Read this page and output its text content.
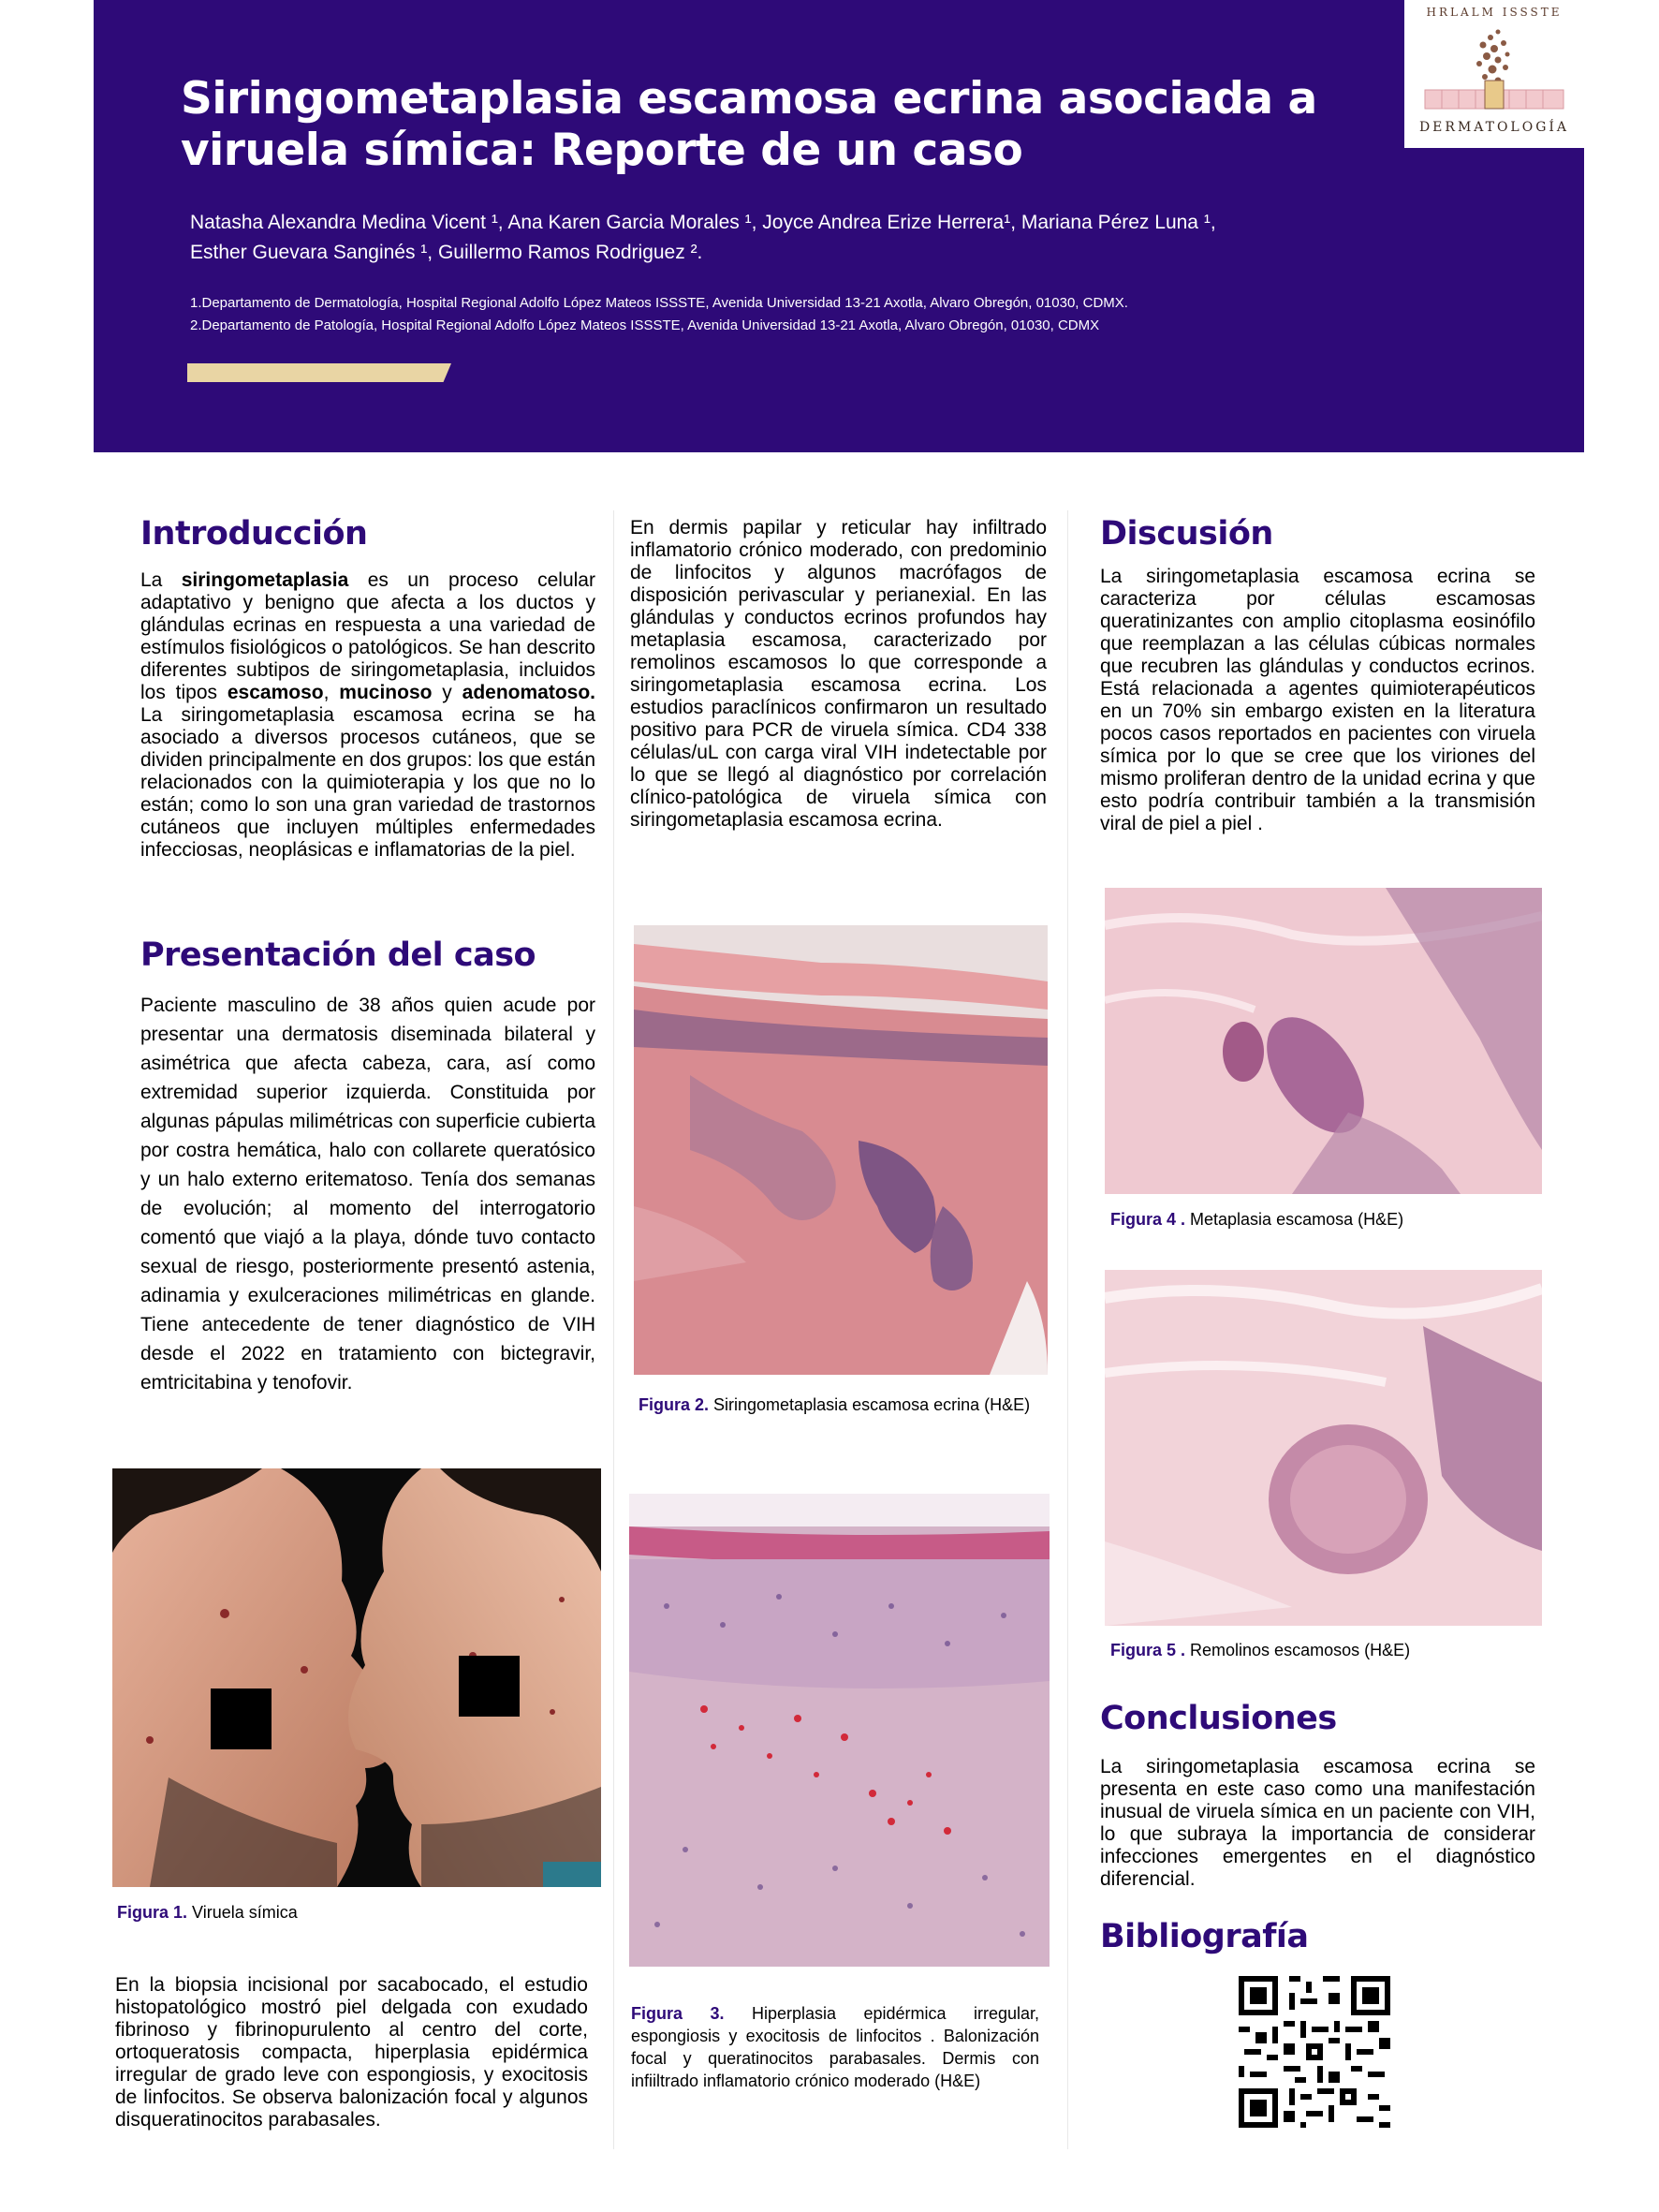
Siringometaplasia escamosa ecrina asociada a viruela símica: Reporte de un caso
Natasha Alexandra Medina Vicent ¹, Ana Karen Garcia Morales ¹, Joyce Andrea Erize Herrera¹, Mariana Pérez Luna ¹,
Esther Guevara Sanginés ¹, Guillermo Ramos Rodriguez ².
1.Departamento de Dermatología, Hospital Regional Adolfo López Mateos ISSSTE, Avenida Universidad 13-21 Axotla, Alvaro Obregón, 01030, CDMX.
2.Departamento de Patología, Hospital Regional Adolfo López Mateos ISSSTE, Avenida Universidad 13-21 Axotla, Alvaro Obregón, 01030, CDMX
HRLALM ISSSTE
DERMATOLOGÍA
Introducción

La siringometaplasia es un proceso celular adaptativo y benigno que afecta a los ductos y glándulas ecrinas en respuesta a una variedad de estímulos fisiológicos o patológicos. Se han descrito diferentes subtipos de siringometaplasia, incluidos los tipos escamoso, mucinoso y adenomatoso. La siringometaplasia escamosa ecrina se ha asociado a diversos procesos cutáneos, que se dividen principalmente en dos grupos: los que están relacionados con la quimioterapia y los que no lo están; como lo son una gran variedad de trastornos cutáneos que incluyen múltiples enfermedades infecciosas, neoplásicas e inflamatorias de la piel.

Presentación del caso

Paciente masculino de 38 años quien acude por presentar una dermatosis diseminada bilateral y asimétrica que afecta cabeza, cara, así como extremidad superior izquierda. Constituida por algunas pápulas milimétricas con superficie cubierta por costra hemática, halo con collarete queratósico y un halo externo eritematoso. Tenía dos semanas de evolución; al momento del interrogatorio comentó que viajó a la playa, dónde tuvo contacto sexual de riesgo, posteriormente presentó astenia, adinamia y exulceraciones milimétricas en glande. Tiene antecedente de tener diagnóstico de VIH desde el 2022 en tratamiento con bictegravir, emtricitabina y tenofovir.

Figura 1. Viruela símica

En la biopsia incisional por sacabocado, el estudio histopatológico mostró piel delgada con exudado fibrinoso y fibrinopurulento al centro del corte, ortoqueratosis compacta, hiperplasia epidérmica irregular de grado leve con espongiosis, y exocitosis de linfocitos. Se observa balonización focal y algunos disqueratinocitos parabasales.

En dermis papilar y reticular hay infiltrado inflamatorio crónico moderado, con predominio de linfocitos y algunos macrófagos de disposición perivascular y perianexial. En las glándulas y conductos ecrinos profundos hay metaplasia escamosa, caracterizado por remolinos escamosos lo que corresponde a siringometaplasia escamosa ecrina. Los estudios paraclínicos confirmaron un resultado positivo para PCR de viruela símica. CD4 338 células/uL con carga viral VIH indetectable por lo que se llegó al diagnóstico por correlación clínico-patológica de viruela símica con siringometaplasia escamosa ecrina.

Figura 2. Siringometaplasia escamosa ecrina (H&E)

Figura 3. Hiperplasia epidérmica irregular, espongiosis y exocitosis de linfocitos . Balonización focal y queratinocitos parabasales. Dermis con infiiltrado inflamatorio crónico moderado (H&E)

Discusión

La siringometaplasia escamosa ecrina se caracteriza por células escamosas queratinizantes con amplio citoplasma eosinófilo que reemplazan a las células cúbicas normales que recubren las glándulas y conductos ecrinos. Está relacionada a agentes quimioterapéuticos en un 70% sin embargo existen en la literatura pocos casos reportados en pacientes con viruela símica por lo que se cree que los viriones del mismo proliferan dentro de la unidad ecrina y que esto podría contribuir también a la transmisión viral de piel a piel .

Figura 4 . Metaplasia escamosa (H&E)

Figura 5 . Remolinos escamosos (H&E)

Conclusiones

La siringometaplasia escamosa ecrina se presenta en este caso como una manifestación inusual de viruela símica en un paciente con VIH, lo que subraya la importancia de considerar infecciones emergentes en el diagnóstico diferencial.

Bibliografía
